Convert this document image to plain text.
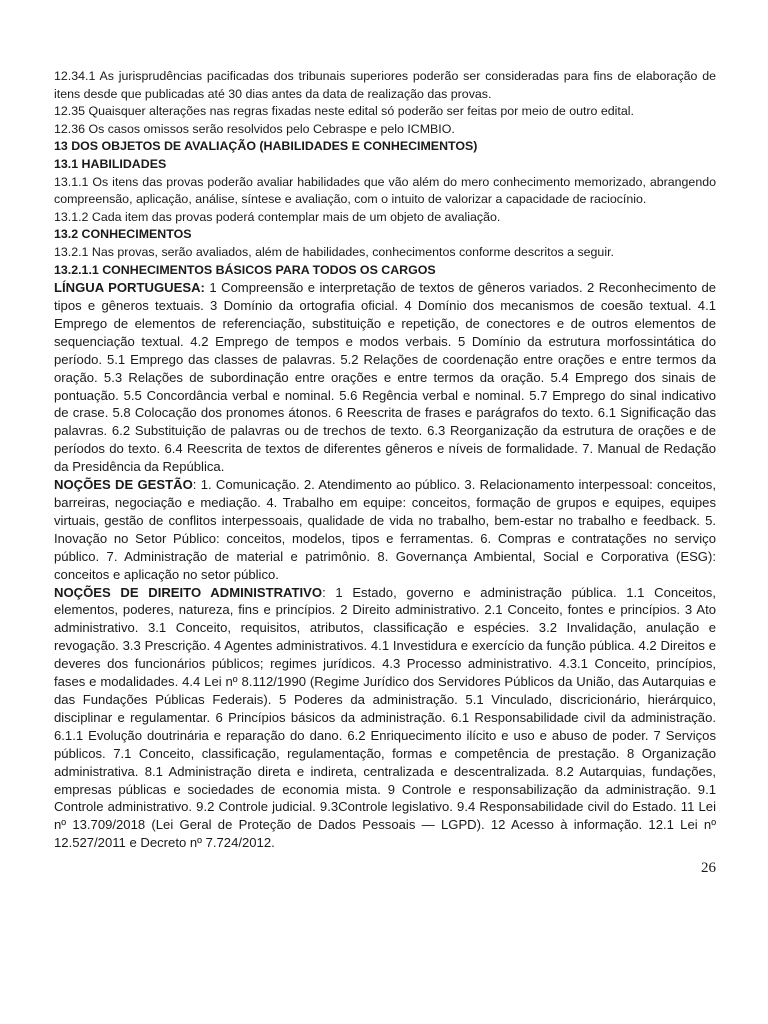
12.34.1 As jurisprudências pacificadas dos tribunais superiores poderão ser consideradas para fins de elaboração de itens desde que publicadas até 30 dias antes da data de realização das provas.

12.35 Quaisquer alterações nas regras fixadas neste edital só poderão ser feitas por meio de outro edital.

12.36 Os casos omissos serão resolvidos pelo Cebraspe e pelo ICMBIO.

13 DOS OBJETOS DE AVALIAÇÃO (HABILIDADES E CONHECIMENTOS)

13.1 HABILIDADES

13.1.1 Os itens das provas poderão avaliar habilidades que vão além do mero conhecimento memorizado, abrangendo compreensão, aplicação, análise, síntese e avaliação, com o intuito de valorizar a capacidade de raciocínio.

13.1.2 Cada item das provas poderá contemplar mais de um objeto de avaliação.

13.2 CONHECIMENTOS

13.2.1 Nas provas, serão avaliados, além de habilidades, conhecimentos conforme descritos a seguir.

13.2.1.1 CONHECIMENTOS BÁSICOS PARA TODOS OS CARGOS

LÍNGUA PORTUGUESA: 1 Compreensão e interpretação de textos de gêneros variados. 2 Reconhecimento de tipos e gêneros textuais. 3 Domínio da ortografia oficial. 4 Domínio dos mecanismos de coesão textual. 4.1 Emprego de elementos de referenciação, substituição e repetição, de conectores e de outros elementos de sequenciação textual. 4.2 Emprego de tempos e modos verbais. 5 Domínio da estrutura morfossintática do período. 5.1 Emprego das classes de palavras. 5.2 Relações de coordenação entre orações e entre termos da oração. 5.3 Relações de subordinação entre orações e entre termos da oração. 5.4 Emprego dos sinais de pontuação. 5.5 Concordância verbal e nominal. 5.6 Regência verbal e nominal. 5.7 Emprego do sinal indicativo de crase. 5.8 Colocação dos pronomes átonos. 6 Reescrita de frases e parágrafos do texto. 6.1 Significação das palavras. 6.2 Substituição de palavras ou de trechos de texto. 6.3 Reorganização da estrutura de orações e de períodos do texto. 6.4 Reescrita de textos de diferentes gêneros e níveis de formalidade. 7. Manual de Redação da Presidência da República.

NOÇÕES DE GESTÃO: 1. Comunicação. 2. Atendimento ao público. 3. Relacionamento interpessoal: conceitos, barreiras, negociação e mediação. 4. Trabalho em equipe: conceitos, formação de grupos e equipes, equipes virtuais, gestão de conflitos interpessoais, qualidade de vida no trabalho, bem-estar no trabalho e feedback. 5. Inovação no Setor Público: conceitos, modelos, tipos e ferramentas. 6. Compras e contratações no serviço público. 7. Administração de material e patrimônio. 8. Governança Ambiental, Social e Corporativa (ESG): conceitos e aplicação no setor público.

NOÇÕES DE DIREITO ADMINISTRATIVO: 1 Estado, governo e administração pública. 1.1 Conceitos, elementos, poderes, natureza, fins e princípios. 2 Direito administrativo. 2.1 Conceito, fontes e princípios. 3 Ato administrativo. 3.1 Conceito, requisitos, atributos, classificação e espécies. 3.2 Invalidação, anulação e revogação. 3.3 Prescrição. 4 Agentes administrativos. 4.1 Investidura e exercício da função pública. 4.2 Direitos e deveres dos funcionários públicos; regimes jurídicos. 4.3 Processo administrativo. 4.3.1 Conceito, princípios, fases e modalidades. 4.4 Lei nº 8.112/1990 (Regime Jurídico dos Servidores Públicos da União, das Autarquias e das Fundações Públicas Federais). 5 Poderes da administração. 5.1 Vinculado, discricionário, hierárquico, disciplinar e regulamentar. 6 Princípios básicos da administração. 6.1 Responsabilidade civil da administração. 6.1.1 Evolução doutrinária e reparação do dano. 6.2 Enriquecimento ilícito e uso e abuso de poder. 7 Serviços públicos. 7.1 Conceito, classificação, regulamentação, formas e competência de prestação. 8 Organização administrativa. 8.1 Administração direta e indireta, centralizada e descentralizada. 8.2 Autarquias, fundações, empresas públicas e sociedades de economia mista. 9 Controle e responsabilização da administração. 9.1 Controle administrativo. 9.2 Controle judicial. 9.3Controle legislativo. 9.4 Responsabilidade civil do Estado. 11 Lei nº 13.709/2018 (Lei Geral de Proteção de Dados Pessoais — LGPD). 12 Acesso à informação. 12.1 Lei nº 12.527/2011 e Decreto nº 7.724/2012.

26
